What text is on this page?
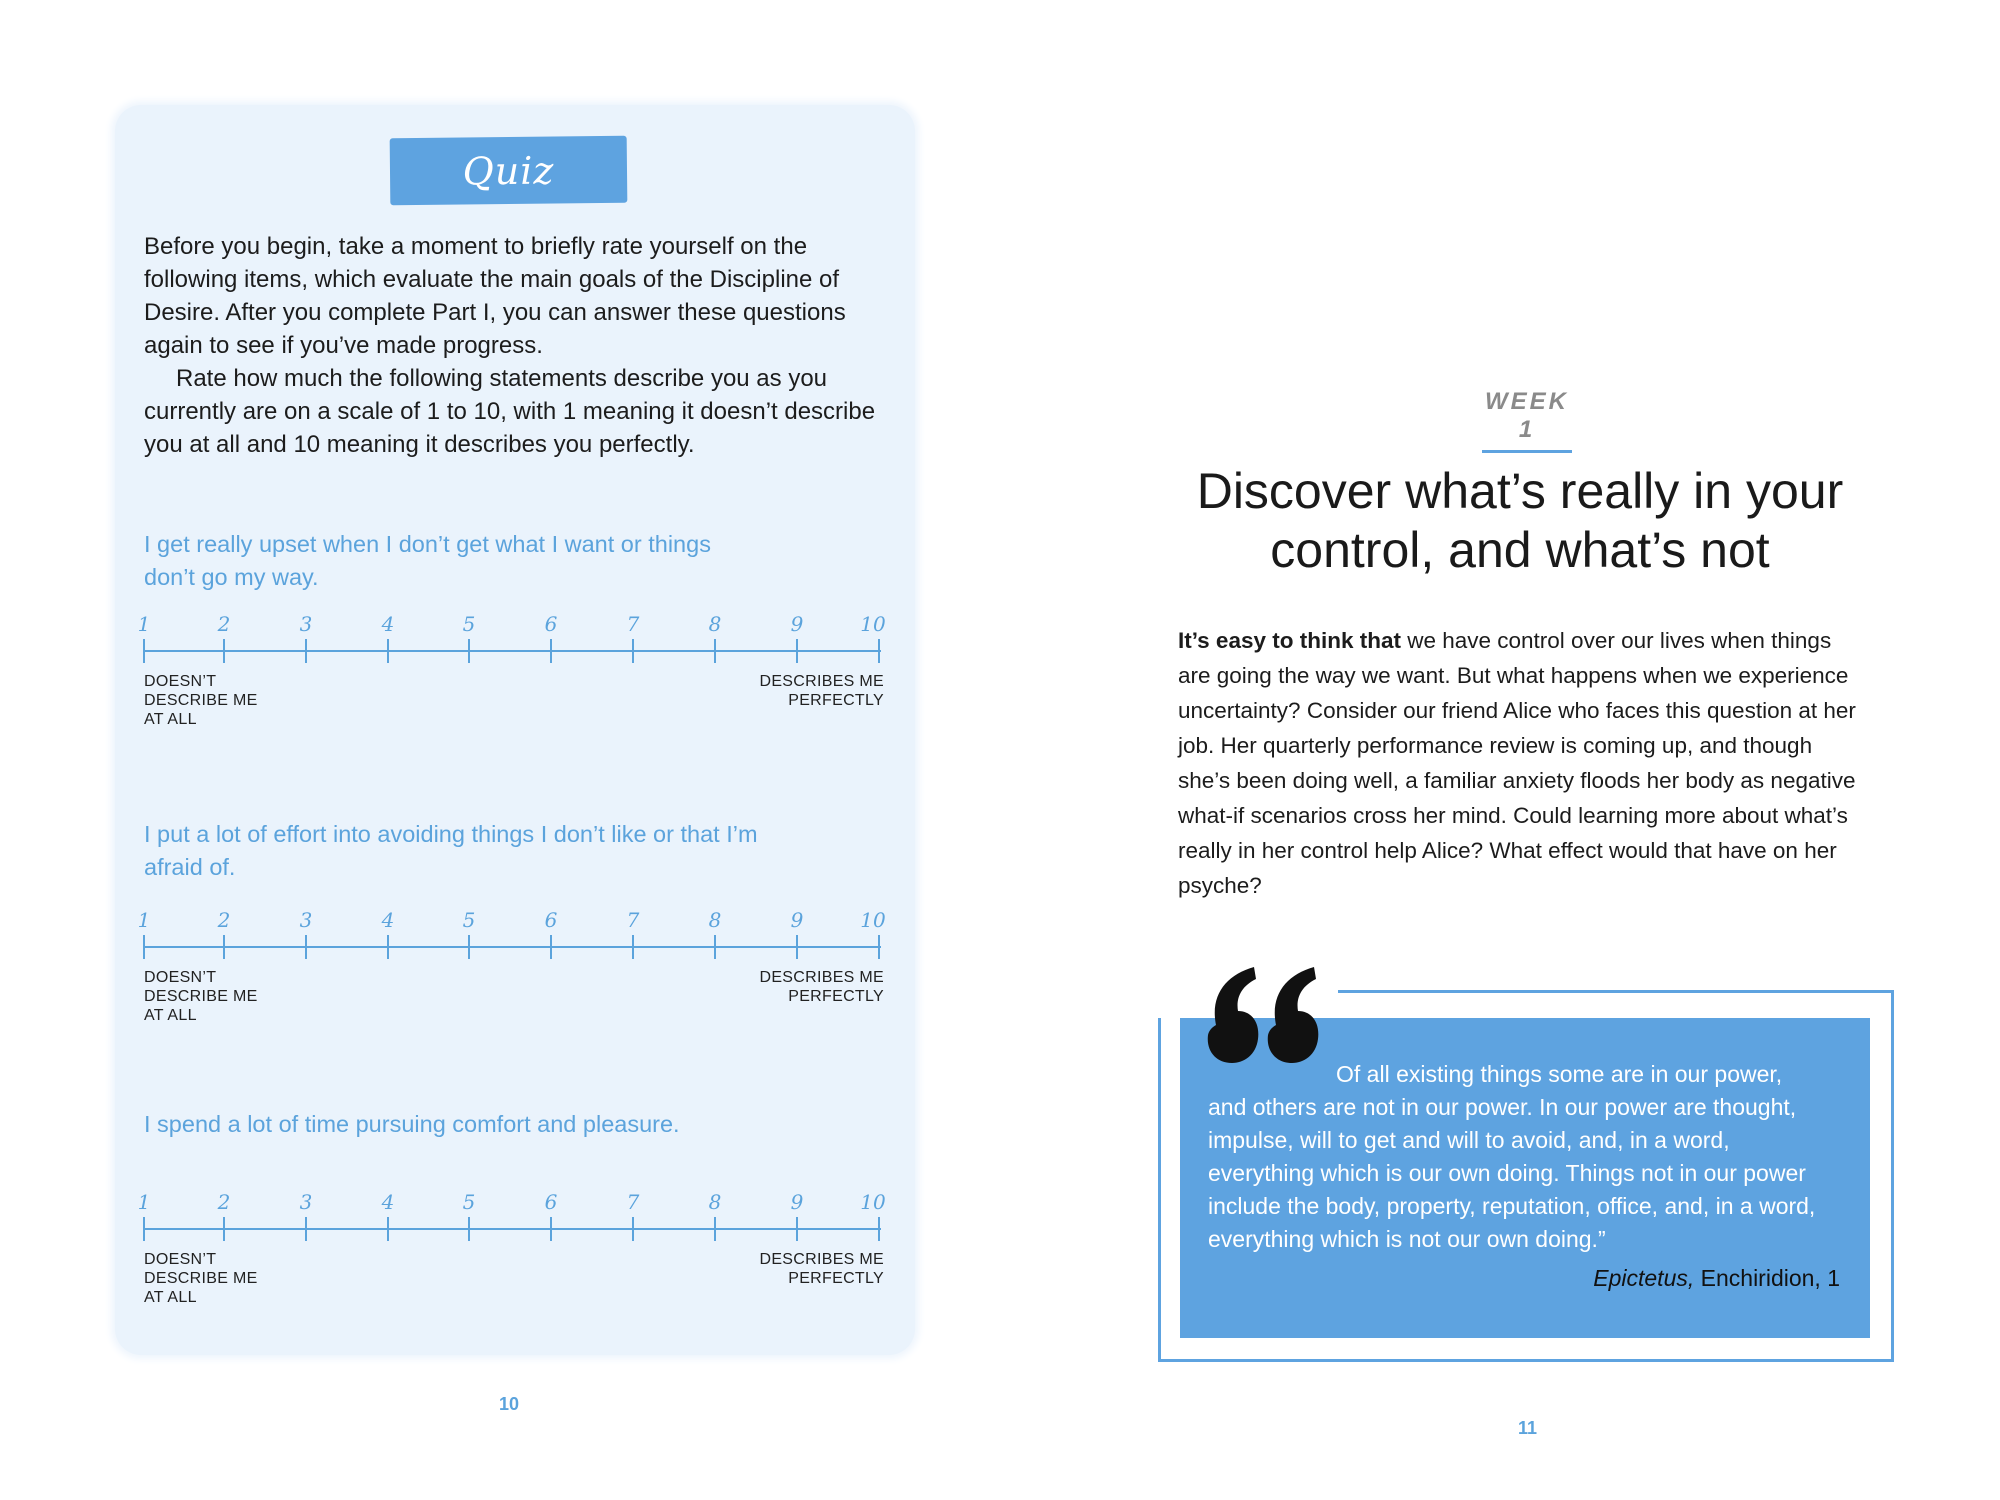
Quiz

Before you begin, take a moment to briefly rate yourself on the following items, which evaluate the main goals of the Discipline of Desire. After you complete Part I, you can answer these questions again to see if you’ve made progress.

Rate how much the following statements describe you as you currently are on a scale of 1 to 10, with 1 meaning it doesn’t describe you at all and 10 meaning it describes you perfectly.

I get really upset when I don’t get what I want or things don’t go my way.
DOESN’T DESCRIBE ME AT ALL
DESCRIBES ME PERFECTLY
1	2	3	4	5	6	7	8	9	10
I put a lot of effort into avoiding things I don’t like or that I’m afraid of.
DOESN’T DESCRIBE ME AT ALL
DESCRIBES ME PERFECTLY
1	2	3	4	5	6	7	8	9	10
I spend a lot of time pursuing comfort and pleasure.
DOESN’T DESCRIBE ME AT ALL
DESCRIBES ME PERFECTLY
1	2	3	4	5	6	7	8	9	10
10
WEEK 1
Discover what’s really in your control, and what’s not
It’s easy to think that we have control over our lives when things are going the way we want. But what happens when we experience uncertainty? Consider our friend Alice who faces this question at her job. Her quarterly performance review is coming up, and though she’s been doing well, a familiar anxiety floods her body as negative what-if scenarios cross her mind. Could learning more about what’s really in her control help Alice? What effect would that have on her psyche?
Of all existing things some are in our power,
and others are not in our power. In our power are thought,
impulse, will to get and will to avoid, and, in a word,
everything which is our own doing. Things not in our power
include the body, property, reputation, office, and, in a word,
everything which is not our own doing.”
Epictetus, Enchiridion, 1
11
